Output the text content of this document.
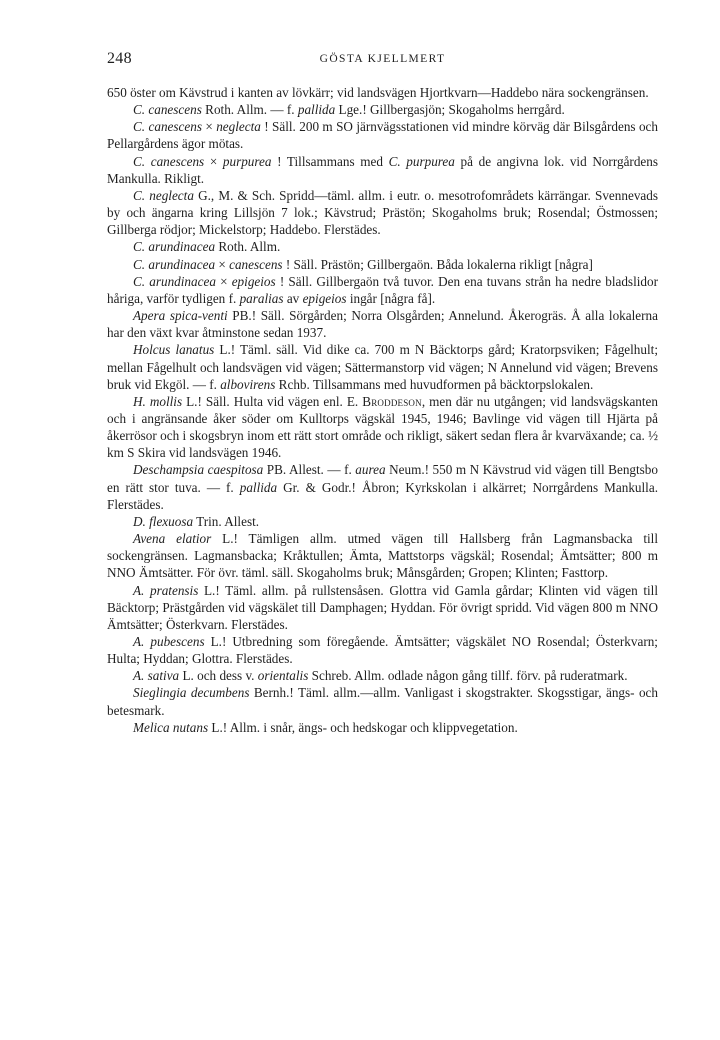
248	GÖSTA KJELLMERT

650 öster om Kävstrud i kanten av lövkärr; vid landsvägen Hjortkvarn—Haddebo nära sockengränsen.

C. canescens Roth. Allm. — f. pallida Lge.! Gillbergasjön; Skogaholms herrgård.

C. canescens × neglecta ! Säll. 200 m SO järnvägsstationen vid mindre körväg där Bilsgårdens och Pellargårdens ägor mötas.

C. canescens × purpurea ! Tillsammans med C. purpurea på de angivna lok. vid Norrgårdens Mankulla. Rikligt.

C. neglecta G., M. & Sch. Spridd—täml. allm. i eutr. o. mesotrofområdets kärrängar. Svennevads by och ängarna kring Lillsjön 7 lok.; Kävstrud; Prästön; Skogaholms bruk; Rosendal; Östmossen; Gillberga rödjor; Mickelstorp; Haddebo. Flerstädes.

C. arundinacea Roth. Allm.

C. arundinacea × canescens ! Säll. Prästön; Gillbergaön. Båda lokalerna rikligt [några]

C. arundinacea × epigeios ! Säll. Gillbergaön två tuvor. Den ena tuvans strån ha nedre bladslidor håriga, varför tydligen f. paralias av epigeios ingår [några få].

Apera spica-venti PB.! Säll. Sörgården; Norra Olsgården; Annelund. Åkerogräs. Å alla lokalerna har den växt kvar åtminstone sedan 1937.

Holcus lanatus L.! Täml. säll. Vid dike ca. 700 m N Bäcktorps gård; Kratorpsviken; Fågelhult; mellan Fågelhult och landsvägen vid vägen; Sättermanstorp vid vägen; N Annelund vid vägen; Brevens bruk vid Ekgöl. — f. albovirens Rchb. Tillsammans med huvudformen på bäcktorpslokalen.

H. mollis L.! Säll. Hulta vid vägen enl. E. Broddeson, men där nu utgången; vid landsvägskanten och i angränsande åker söder om Kulltorps vägskäl 1945, 1946; Bavlinge vid vägen till Hjärta på åkerrösor och i skogsbryn inom ett rätt stort område och rikligt, säkert sedan flera år kvarväxande; ca. ½ km S Skira vid landsvägen 1946.

Deschampsia caespitosa PB. Allest. — f. aurea Neum.! 550 m N Kävstrud vid vägen till Bengtsbo en rätt stor tuva. — f. pallida Gr. & Godr.! Åbron; Kyrkskolan i alkärret; Norrgårdens Mankulla. Flerstädes.

D. flexuosa Trin. Allest.

Avena elatior L.! Tämligen allm. utmed vägen till Hallsberg från Lagmansbacka till sockengränsen. Lagmansbacka; Kråktullen; Ämta, Mattstorps vägskäl; Rosendal; Ämtsätter; 800 m NNO Ämtsätter. För övr. täml. säll. Skogaholms bruk; Månsgården; Gropen; Klinten; Fasttorp.

A. pratensis L.! Täml. allm. på rullstensåsen. Glottra vid Gamla gårdar; Klinten vid vägen till Bäcktorp; Prästgården vid vägskälet till Damphagen; Hyddan. För övrigt spridd. Vid vägen 800 m NNO Ämtsätter; Österkvarn. Flerstädes.

A. pubescens L.! Utbredning som föregående. Ämtsätter; vägskälet NO Rosendal; Österkvarn; Hulta; Hyddan; Glottra. Flerstädes.

A. sativa L. och dess v. orientalis Schreb. Allm. odlade någon gång tillf. förv. på ruderatmark.

Sieglingia decumbens Bernh.! Täml. allm.—allm. Vanligast i skogstrakter. Skogsstigar, ängs- och betesmark.

Melica nutans L.! Allm. i snår, ängs- och hedskogar och klippvegetation.
